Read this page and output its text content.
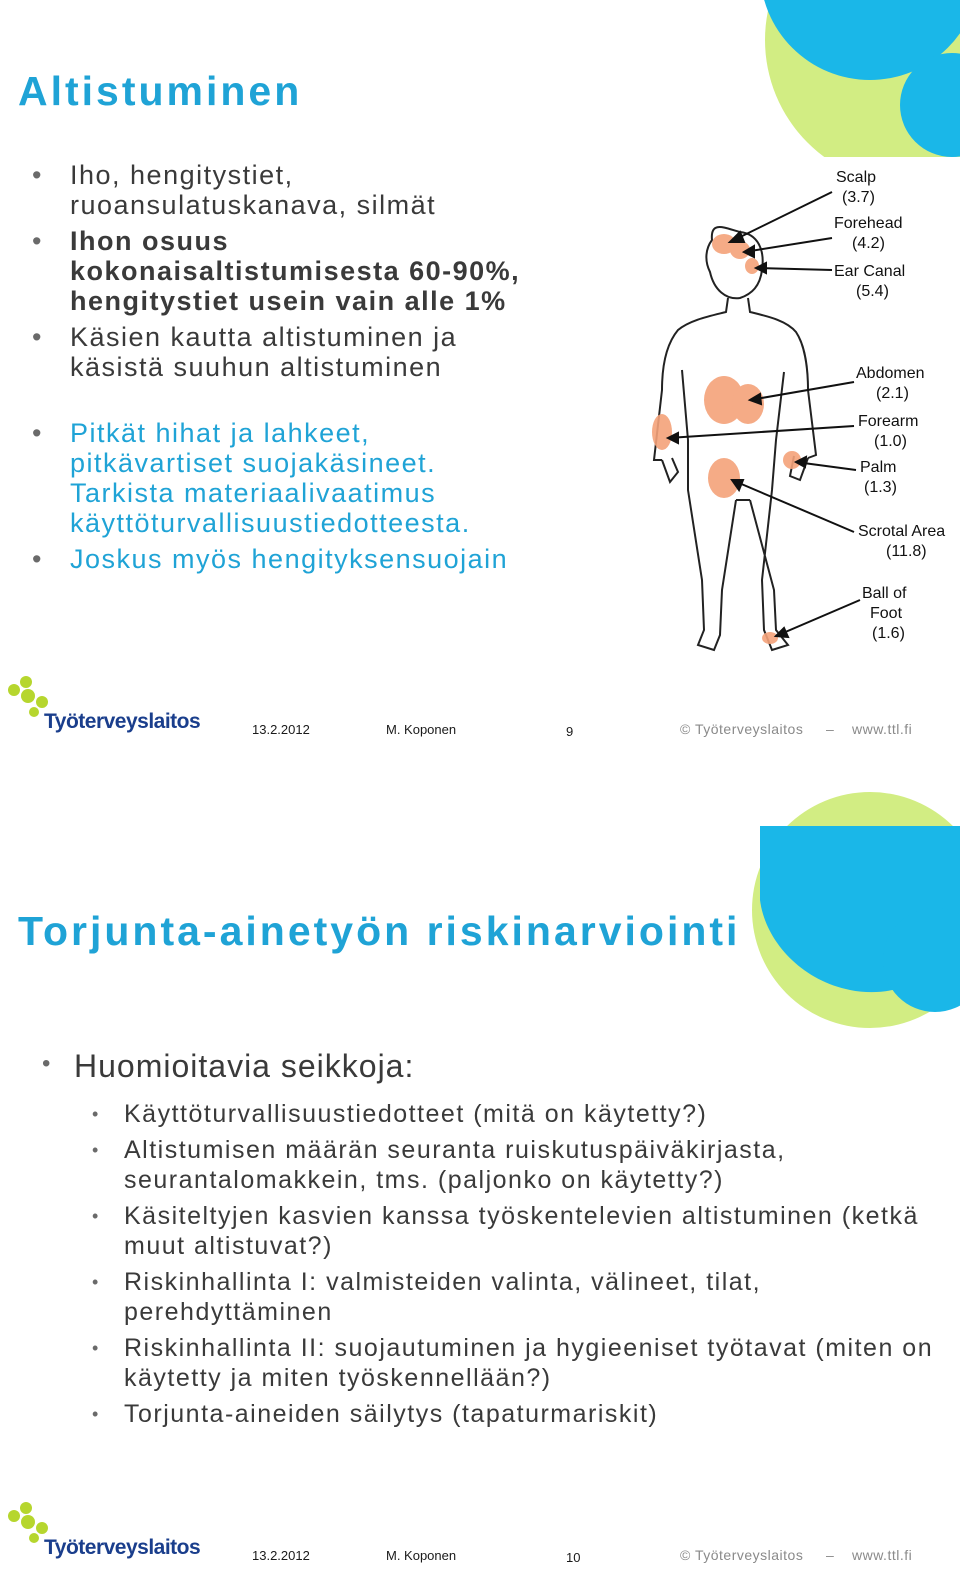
Altistuminen
• Iho, hengitystiet, ruoansulatuskanava, silmät
• Ihon osuus kokonaisaltistumisesta 60-90%, hengitystiet usein vain alle 1%
• Käsien kautta altistuminen ja käsistä suuhun altistuminen
• Pitkät hihat ja lahkeet, pitkävartiset suojakäsineet. Tarkista materiaalivaatimus käyttöturvallisuustiedotteesta.
• Joskus myös hengityksensuojain
Scalp
(3.7)
Forehead
(4.2)
Ear Canal
(5.4)
Abdomen
(2.1)
Forearm
(1.0)
Palm
(1.3)
Scrotal Area
(11.8)
Ball of
Foot
(1.6)
Työterveyslaitos	13.2.2012	M. Koponen	9	© Työterveyslaitos – www.ttl.fi
Torjunta-ainetyön riskinarviointi
• Huomioitavia seikkoja:
• Käyttöturvallisuustiedotteet (mitä on käytetty?)
• Altistumisen määrän seuranta ruiskutuspäiväkirjasta, seurantalomakkein, tms. (paljonko on käytetty?)
• Käsiteltyjen kasvien kanssa työskentelevien altistuminen (ketkä muut altistuvat?)
• Riskinhallinta I: valmisteiden valinta, välineet, tilat, perehdyttäminen
• Riskinhallinta II: suojautuminen ja hygieeniset työtavat (miten on käytetty ja miten työskennellään?)
• Torjunta-aineiden säilytys (tapaturmariskit)
Työterveyslaitos	13.2.2012	M. Koponen	10	© Työterveyslaitos – www.ttl.fi
